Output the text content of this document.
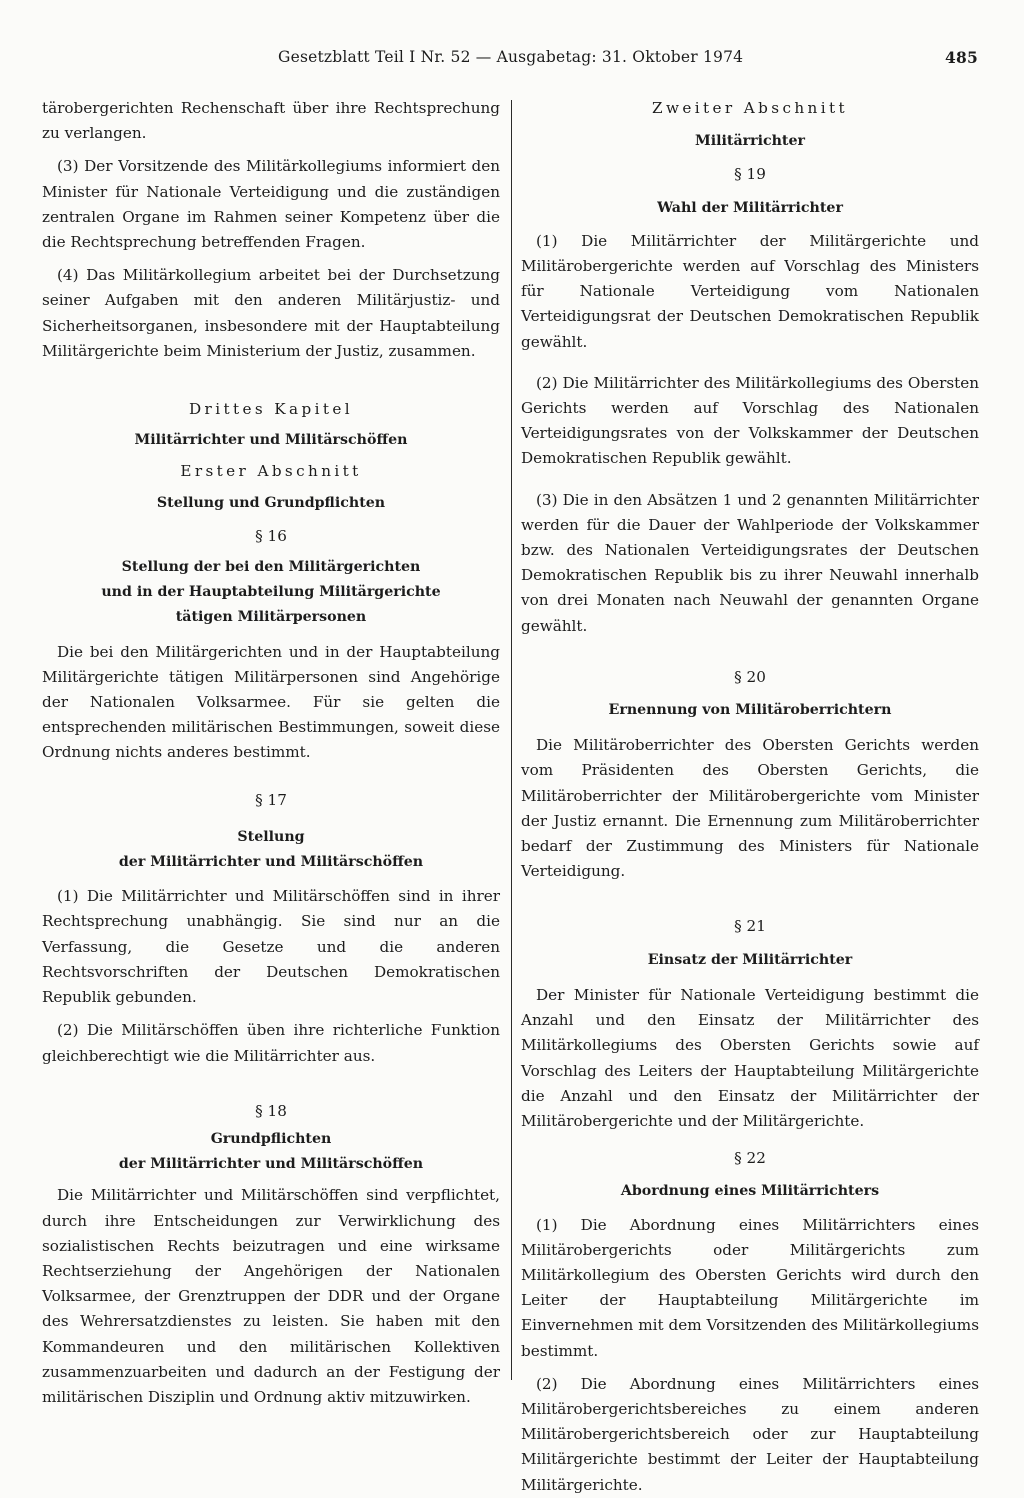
Gesetzblatt Teil I Nr. 52 — Ausgabetag: 31. Oktober 1974	485

tärobergerichten Rechenschaft über ihre Rechtsprechung zu verlangen.

(3) Der Vorsitzende des Militärkollegiums informiert den Minister für Nationale Verteidigung und die zuständigen zentralen Organe im Rahmen seiner Kompetenz über die die Rechtsprechung betreffenden Fragen.

(4) Das Militärkollegium arbeitet bei der Durchsetzung seiner Aufgaben mit den anderen Militärjustiz- und Sicherheitsorganen, insbesondere mit der Hauptabteilung Militärgerichte beim Ministerium der Justiz, zusammen.

Drittes Kapitel

Militärrichter und Militärschöffen

Erster Abschnitt

Stellung und Grundpflichten

§ 16

Stellung der bei den Militärgerichten

und in der Hauptabteilung Militärgerichte

tätigen Militärpersonen

Die bei den Militärgerichten und in der Hauptabteilung Militärgerichte tätigen Militärpersonen sind Angehörige der Nationalen Volksarmee. Für sie gelten die entsprechenden militärischen Bestimmungen, soweit diese Ordnung nichts anderes bestimmt.

§ 17

Stellung

der Militärrichter und Militärschöffen

(1) Die Militärrichter und Militärschöffen sind in ihrer Rechtsprechung unabhängig. Sie sind nur an die Verfassung, die Gesetze und die anderen Rechtsvorschriften der Deutschen Demokratischen Republik gebunden.

(2) Die Militärschöffen üben ihre richterliche Funktion gleichberechtigt wie die Militärrichter aus.

§ 18

Grundpflichten

der Militärrichter und Militärschöffen

Die Militärrichter und Militärschöffen sind verpflichtet, durch ihre Entscheidungen zur Verwirklichung des sozialistischen Rechts beizutragen und eine wirksame Rechtserziehung der Angehörigen der Nationalen Volksarmee, der Grenztruppen der DDR und der Organe des Wehrersatzdienstes zu leisten. Sie haben mit den Kommandeuren und den militärischen Kollektiven zusammenzuarbeiten und dadurch an der Festigung der militärischen Disziplin und Ordnung aktiv mitzuwirken.

Zweiter Abschnitt

Militärrichter

§ 19

Wahl der Militärrichter

(1) Die Militärrichter der Militärgerichte und Militärobergerichte werden auf Vorschlag des Ministers für Nationale Verteidigung vom Nationalen Verteidigungsrat der Deutschen Demokratischen Republik gewählt.

(2) Die Militärrichter des Militärkollegiums des Obersten Gerichts werden auf Vorschlag des Nationalen Verteidigungsrates von der Volkskammer der Deutschen Demokratischen Republik gewählt.

(3) Die in den Absätzen 1 und 2 genannten Militärrichter werden für die Dauer der Wahlperiode der Volkskammer bzw. des Nationalen Verteidigungsrates der Deutschen Demokratischen Republik bis zu ihrer Neuwahl innerhalb von drei Monaten nach Neuwahl der genannten Organe gewählt.

§ 20

Ernennung von Militäroberrichtern

Die Militäroberrichter des Obersten Gerichts werden vom Präsidenten des Obersten Gerichts, die Militäroberrichter der Militärobergerichte vom Minister der Justiz ernannt. Die Ernennung zum Militäroberrichter bedarf der Zustimmung des Ministers für Nationale Verteidigung.

§ 21

Einsatz der Militärrichter

Der Minister für Nationale Verteidigung bestimmt die Anzahl und den Einsatz der Militärrichter des Militärkollegiums des Obersten Gerichts sowie auf Vorschlag des Leiters der Hauptabteilung Militärgerichte die Anzahl und den Einsatz der Militärrichter der Militärobergerichte und der Militärgerichte.

§ 22

Abordnung eines Militärrichters

(1) Die Abordnung eines Militärrichters eines Militärobergerichts oder Militärgerichts zum Militärkollegium des Obersten Gerichts wird durch den Leiter der Hauptabteilung Militärgerichte im Einvernehmen mit dem Vorsitzenden des Militärkollegiums bestimmt.

(2) Die Abordnung eines Militärrichters eines Militärobergerichtsbereiches zu einem anderen Militärobergerichtsbereich oder zur Hauptabteilung Militärgerichte bestimmt der Leiter der Hauptabteilung Militärgerichte.
